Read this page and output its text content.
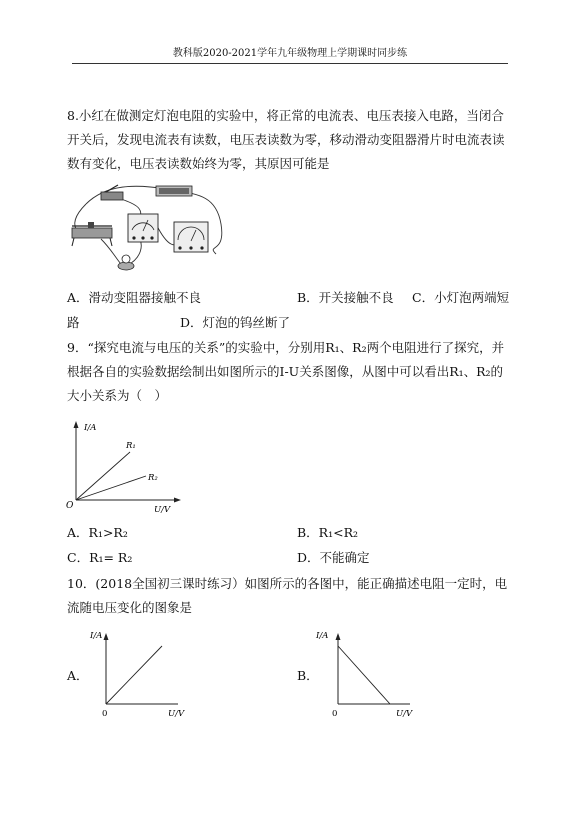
教科版2020-2021学年九年级物理上学期课时同步练

8.小红在做测定灯泡电阻的实验中，将正常的电流表、电压表接入电路，当闭合开关后，发现电流表有读数，电压表读数为零，移动滑动变阻器滑片时电流表读数有变化，电压表读数始终为零，其原因可能是

A．滑动变阻器接触不良	B．开关接触不良 C．小灯泡两端短
路	D．灯泡的钨丝断了

9．“探究电流与电压的关系”的实验中，分别用R₁、R₂两个电阻进行了探究，并根据各自的实验数据绘制出如图所示的I-U关系图像，从图中可以看出R₁、R₂的大小关系为（　）

I/A
U/V
O
R₁
R₂
A．R₁>R₂	B．R₁<R₂
C．R₁= R₂	D．不能确定

10．(2018全国初三课时练习）如图所示的各图中，能正确描述电阻一定时，电流随电压变化的图象是

A．
I/A
U/V
0
B．
I/A
U/V
0
